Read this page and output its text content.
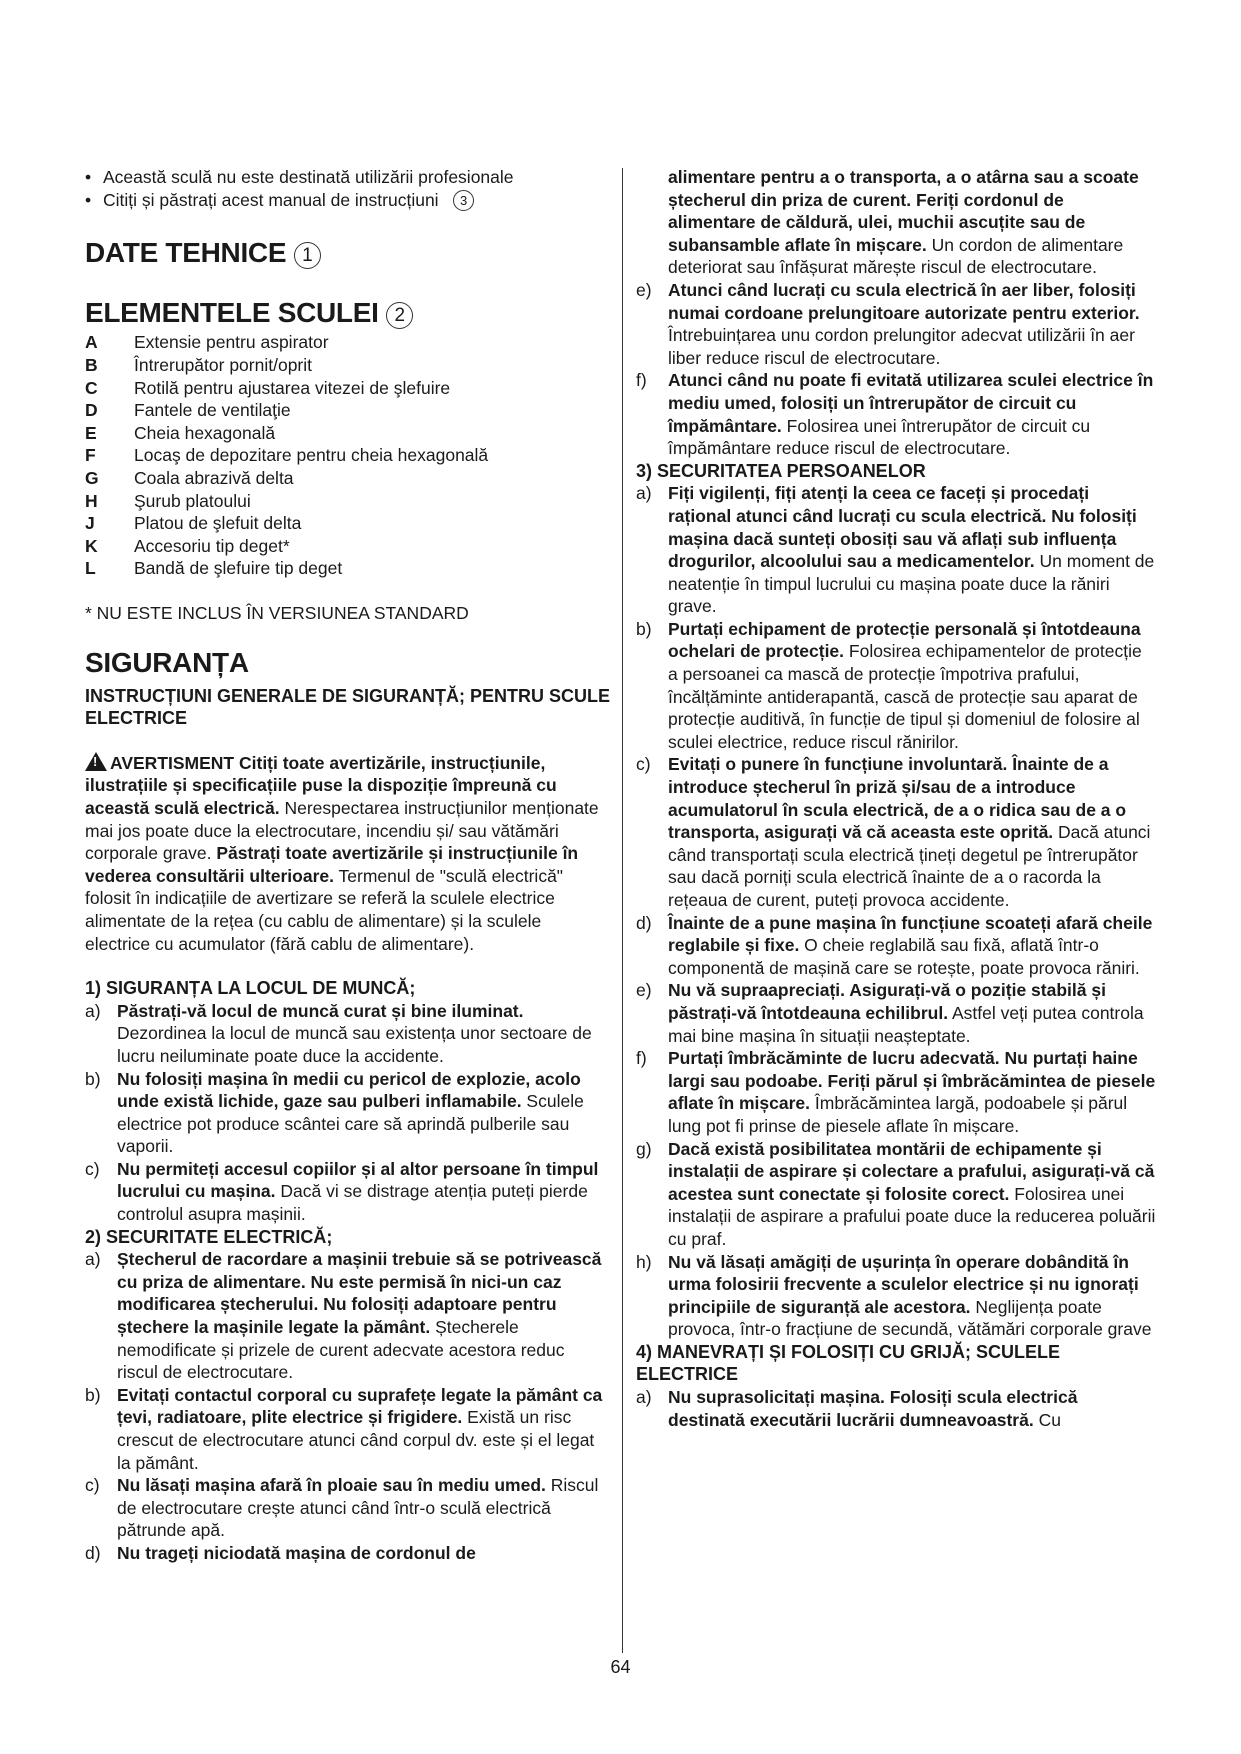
• Această sculă nu este destinată utilizării profesionale
• Citiți și păstrați acest manual de instrucțiuni 3
DATE TEHNICE 1
ELEMENTELE SCULEI 2
A	Extensie pentru aspirator
B	Întrerupător pornit/oprit
C	Rotilă pentru ajustarea vitezei de şlefuire
D	Fantele de ventilaţie
E	Cheia hexagonală
F	Locaş de depozitare pentru cheia hexagonală
G	Coala abrazivă delta
H	Şurub platoului
J	Platou de şlefuit delta
K	Accesoriu tip deget*
L	Bandă de şlefuire tip deget
* NU ESTE INCLUS ÎN VERSIUNEA STANDARD
SIGURANȚA
INSTRUCȚIUNI GENERALE DE SIGURANȚĂ; PENTRU SCULE ELECTRICE
!AVERTISMENT Citiți toate avertizările, instrucțiunile, ilustrațiile și specificațiile puse la dispoziție împreună cu această sculă electrică. Nerespectarea instrucțiunilor menționate mai jos poate duce la electrocutare, incendiu și/ sau vătămări corporale grave. Păstrați toate avertizările și instrucțiunile în vederea consultării ulterioare. Termenul de "sculă electrică" folosit în indicațiile de avertizare se referă la sculele electrice alimentate de la rețea (cu cablu de alimentare) și la sculele electrice cu acumulator (fără cablu de alimentare).
1) SIGURANȚA LA LOCUL DE MUNCĂ;
a) Păstrați-vă locul de muncă curat și bine iluminat. Dezordinea la locul de muncă sau existența unor sectoare de lucru neiluminate poate duce la accidente.
b) Nu folosiți mașina în medii cu pericol de explozie, acolo unde există lichide, gaze sau pulberi inflamabile. Sculele electrice pot produce scântei care să aprindă pulberile sau vaporii.
c) Nu permiteți accesul copiilor și al altor persoane în timpul lucrului cu mașina. Dacă vi se distrage atenția puteți pierde controlul asupra mașinii.
2) SECURITATE ELECTRICĂ;
a) Ștecherul de racordare a mașinii trebuie să se potrivească cu priza de alimentare. Nu este permisă în nici-un caz modificarea ștecherului. Nu folosiți adaptoare pentru ștechere la mașinile legate la pământ. Ștecherele nemodificate și prizele de curent adecvate acestora reduc riscul de electrocutare.
b) Evitați contactul corporal cu suprafețe legate la pământ ca țevi, radiatoare, plite electrice și frigidere. Există un risc crescut de electrocutare atunci când corpul dv. este și el legat la pământ.
c) Nu lăsați mașina afară în ploaie sau în mediu umed. Riscul de electrocutare crește atunci când într-o sculă electrică pătrunde apă.
d) Nu trageți niciodată mașina de cordonul de
alimentare pentru a o transporta, a o atârna sau a scoate ștecherul din priza de curent. Feriți cordonul de alimentare de căldură, ulei, muchii ascuțite sau de subansamble aflate în mișcare. Un cordon de alimentare deteriorat sau înfășurat mărește riscul de electrocutare.
e) Atunci când lucrați cu scula electrică în aer liber, folosiți numai cordoane prelungitoare autorizate pentru exterior. Întrebuințarea unu cordon prelungitor adecvat utilizării în aer liber reduce riscul de electrocutare.
f) Atunci când nu poate fi evitată utilizarea sculei electrice în mediu umed, folosiți un întrerupător de circuit cu împământare. Folosirea unei întrerupător de circuit cu împământare reduce riscul de electrocutare.
3) SECURITATEA PERSOANELOR
a) Fiți vigilenți, fiți atenți la ceea ce faceți și procedați rațional atunci când lucrați cu scula electrică. Nu folosiți mașina dacă sunteți obosiți sau vă aflați sub influența drogurilor, alcoolului sau a medicamentelor. Un moment de neatenție în timpul lucrului cu mașina poate duce la răniri grave.
b) Purtați echipament de protecție personală și întotdeauna ochelari de protecție. Folosirea echipamentelor de protecție a persoanei ca mască de protecție împotriva prafului, încălțăminte antiderapantă, cască de protecție sau aparat de protecție auditivă, în funcție de tipul și domeniul de folosire al sculei electrice, reduce riscul rănirilor.
c) Evitați o punere în funcțiune involuntară. Înainte de a introduce ștecherul în priză și/sau de a introduce acumulatorul în scula electrică, de a o ridica sau de a o transporta, asigurați vă că aceasta este oprită. Dacă atunci când transportați scula electrică țineți degetul pe întrerupător sau dacă porniți scula electrică înainte de a o racorda la rețeaua de curent, puteți provoca accidente.
d) Înainte de a pune mașina în funcțiune scoateți afară cheile reglabile și fixe. O cheie reglabilă sau fixă, aflată într-o componentă de mașină care se rotește, poate provoca răniri.
e) Nu vă supraapreciați. Asigurați-vă o poziție stabilă și păstrați-vă întotdeauna echilibrul. Astfel veți putea controla mai bine mașina în situații neașteptate.
f) Purtați îmbrăcăminte de lucru adecvată. Nu purtați haine largi sau podoabe. Feriți părul și îmbrăcămintea de piesele aflate în mișcare. Îmbrăcămintea largă, podoabele și părul lung pot fi prinse de piesele aflate în mișcare.
g) Dacă există posibilitatea montării de echipamente și instalații de aspirare și colectare a prafului, asigurați-vă că acestea sunt conectate și folosite corect. Folosirea unei instalații de aspirare a prafului poate duce la reducerea poluării cu praf.
h) Nu vă lăsați amăgiți de ușurința în operare dobândită în urma folosirii frecvente a sculelor electrice și nu ignorați principiile de siguranță ale acestora. Neglijența poate provoca, într-o fracțiune de secundă, vătămări corporale grave
4) MANEVRAȚI ȘI FOLOSIȚI CU GRIJĂ; SCULELE ELECTRICE
a) Nu suprasolicitați mașina. Folosiți scula electrică destinată executării lucrării dumneavoastră. Cu
64
